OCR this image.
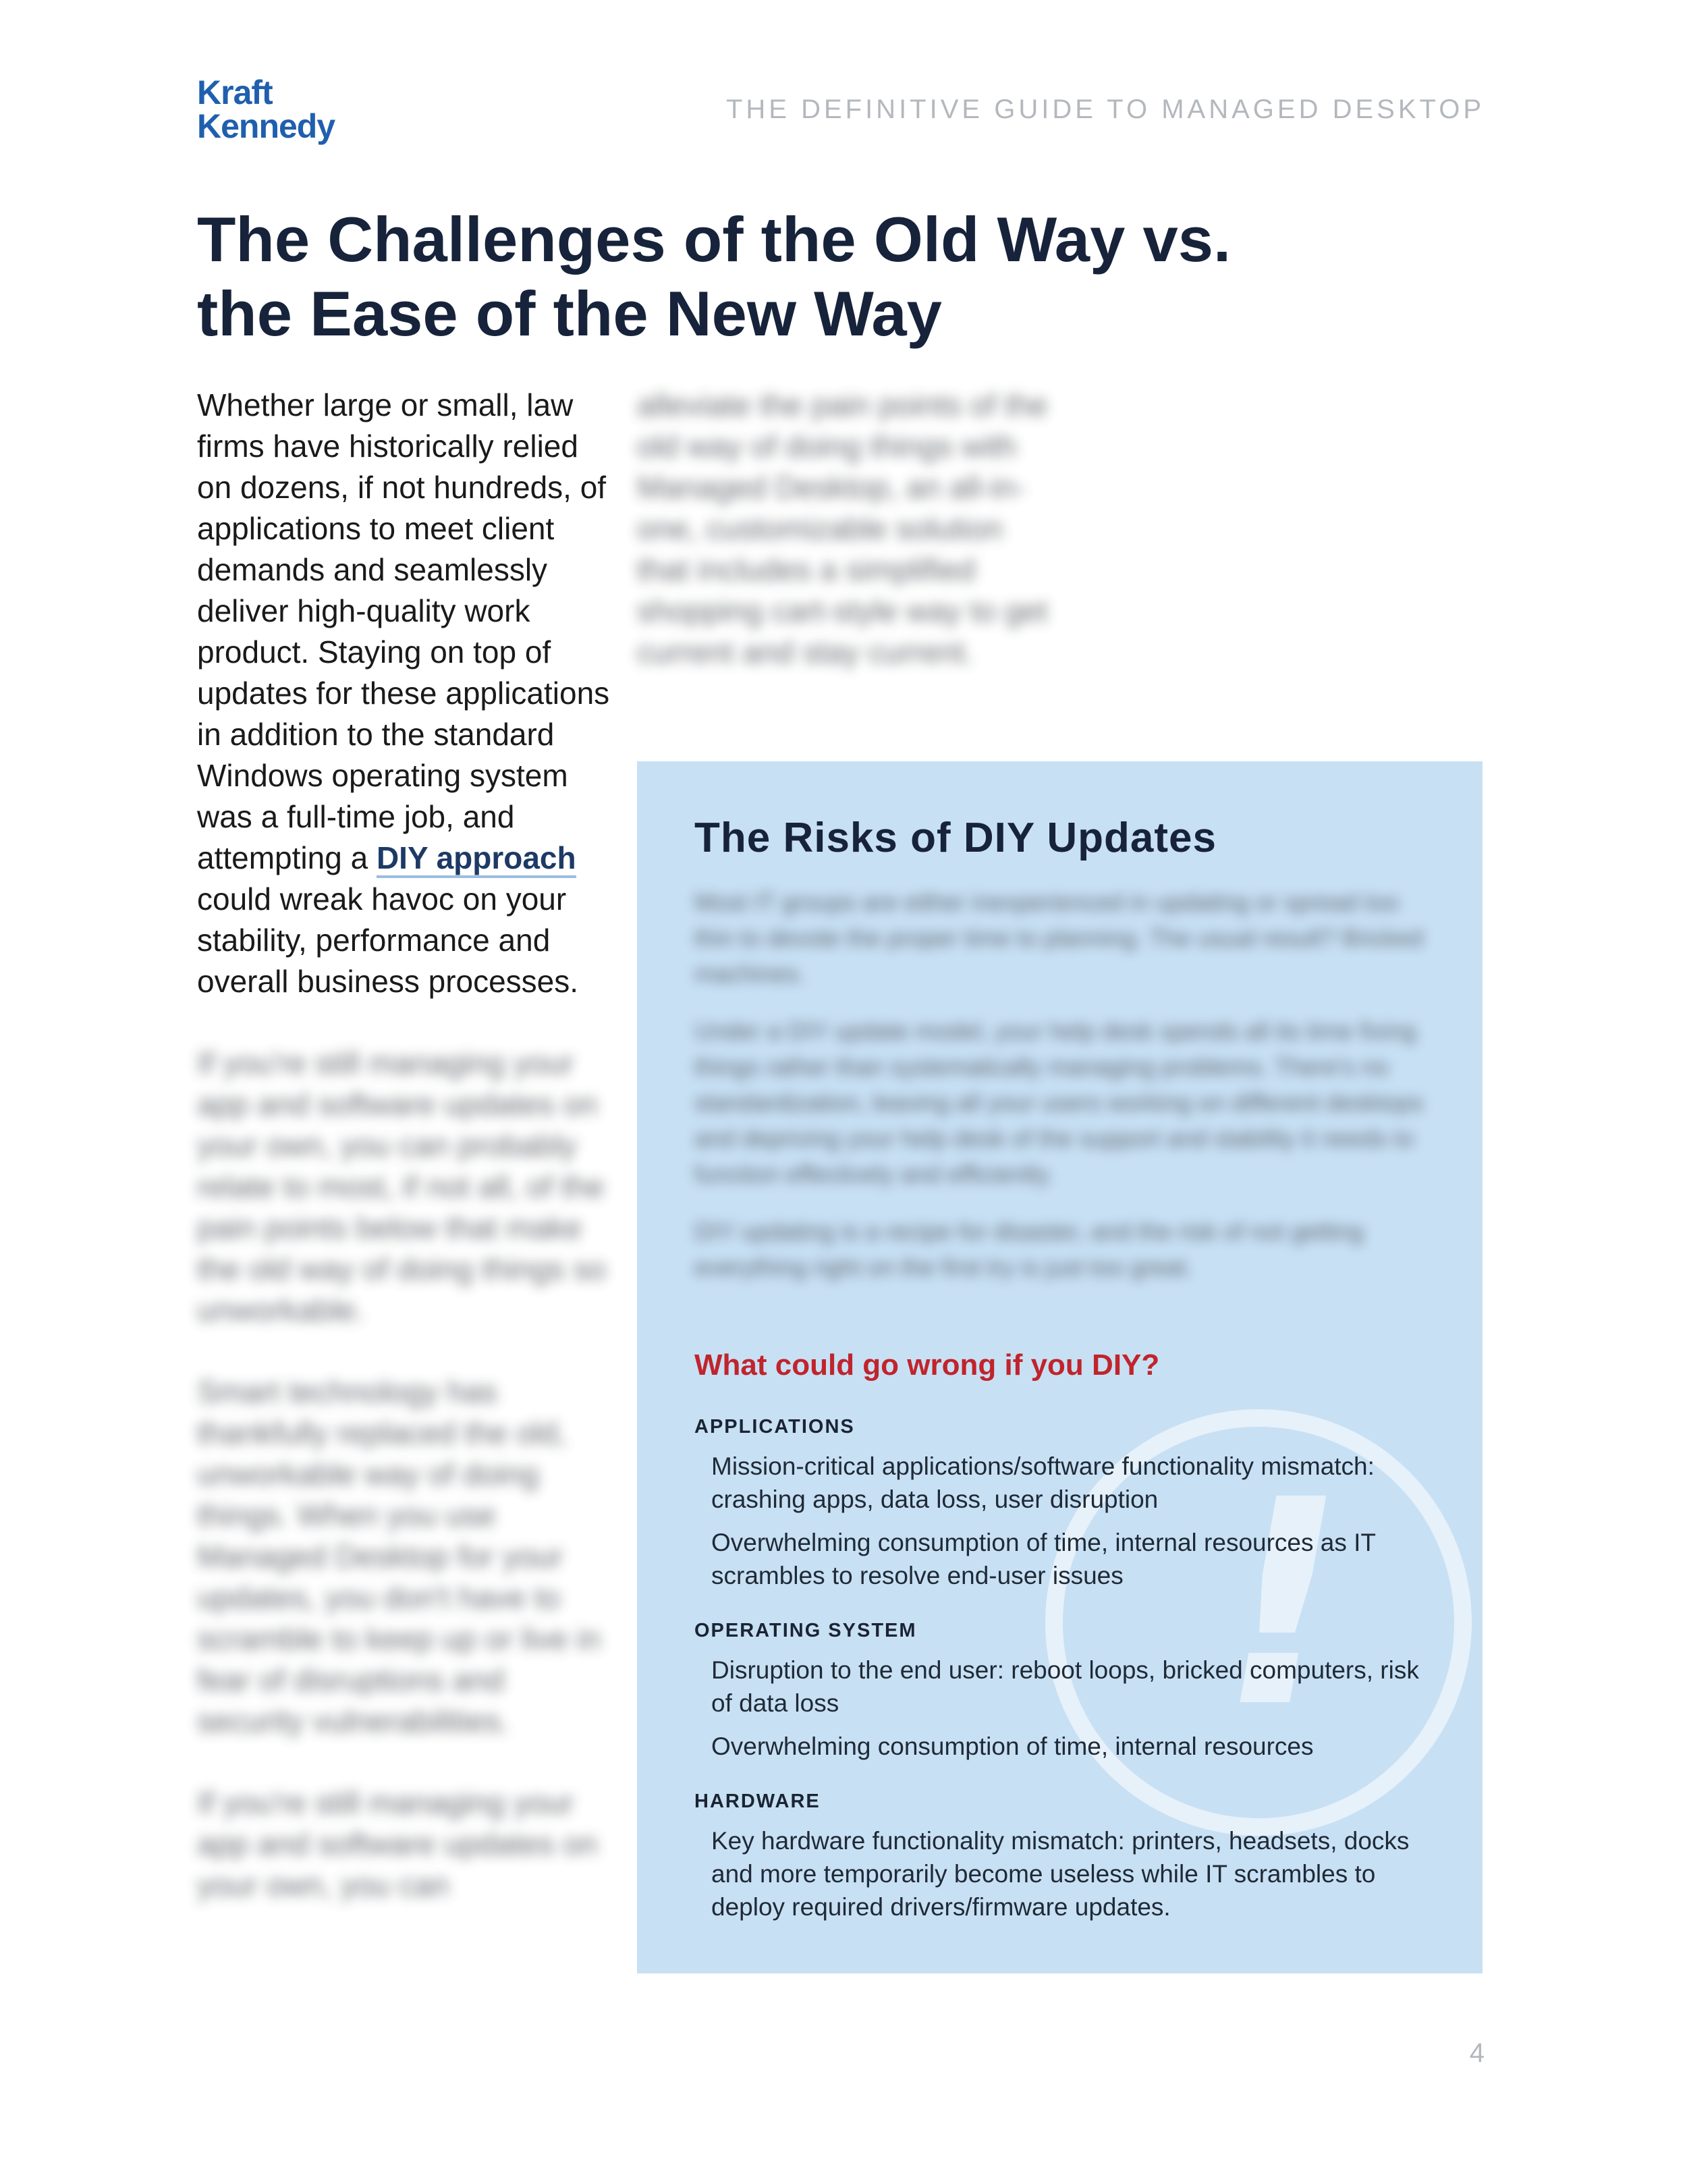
Kraft
Kennedy	THE DEFINITIVE GUIDE TO MANAGED DESKTOP
The Challenges of the Old Way vs.
the Ease of the New Way

Whether large or small, law firms have historically relied on dozens, if not hundreds, of applications to meet client demands and seamlessly deliver high-quality work product. Staying on top of updates for these applications in addition to the standard Windows operating system was a full-time job, and attempting a DIY approach could wreak havoc on your stability, performance and overall business processes.

If you're still managing your app and software updates on your own, you can probably relate to most, if not all, of the pain points below that make the old way of doing things so unworkable.

Smart technology has thankfully replaced the old, unworkable way of doing things. When you use Managed Desktop for your updates, you don't have to scramble to keep up or live in fear of disruptions and security vulnerabilities.

If you're still managing your app and software updates on your own, you can

alleviate the pain points of the old way of doing things with Managed Desktop, an all-in-one, customizable solution that includes a simplified shopping cart-style way to get current and stay current.
!
The Risks of DIY Updates

Most IT groups are either inexperienced in updating or spread too thin to devote the proper time to planning. The usual result? Bricked machines.

Under a DIY update model, your help desk spends all its time fixing things rather than systematically managing problems. There's no standardization, leaving all your users working on different desktops and depriving your help desk of the support and stability it needs to function effectively and efficiently.

DIY updating is a recipe for disaster, and the risk of not getting everything right on the first try is just too great.

What could go wrong if you DIY?
APPLICATIONS
Mission-critical applications/software functionality mismatch: crashing apps, data loss, user disruption
Overwhelming consumption of time, internal resources as IT scrambles to resolve end-user issues
OPERATING SYSTEM
Disruption to the end user: reboot loops, bricked computers, risk of data loss
Overwhelming consumption of time, internal resources
HARDWARE
Key hardware functionality mismatch: printers, headsets, docks and more temporarily become useless while IT scrambles to deploy required drivers/firmware updates.
4
